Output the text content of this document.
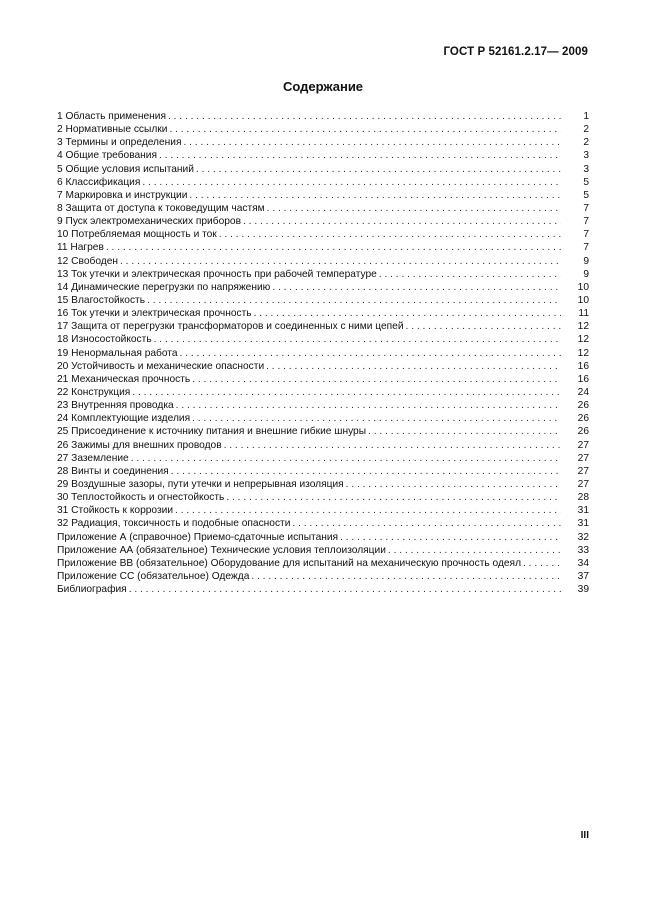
ГОСТ Р 52161.2.17— 2009
Содержание
1 Область применения . . .	1
2 Нормативные ссылки . . .	2
3 Термины и определения . . .	2
4 Общие требования . . .	3
5 Общие условия испытаний . . .	3
6 Классификация . . .	5
7 Маркировка и инструкции . . .	5
8 Защита от доступа к токоведущим частям . . .	7
9 Пуск электромеханических приборов . . .	7
10 Потребляемая мощность и ток . . .	7
11 Нагрев . . .	7
12 Свободен . . .	9
13 Ток утечки и электрическая прочность при рабочей температуре . . .	9
14 Динамические перегрузки по напряжению . . .	10
15 Влагостойкость . . .	10
16 Ток утечки и электрическая прочность . . .	11
17 Защита от перегрузки трансформаторов и соединенных с ними цепей . . .	12
18 Износостойкость . . .	12
19 Ненормальная работа . . .	12
20 Устойчивость и механические опасности . . .	16
21 Механическая прочность . . .	16
22 Конструкция . . .	24
23 Внутренняя проводка . . .	26
24 Комплектующие изделия . . .	26
25 Присоединение к источнику питания и внешние гибкие шнуры . . .	26
26 Зажимы для внешних проводов . . .	27
27 Заземление . . .	27
28 Винты и соединения . . .	27
29 Воздушные зазоры, пути утечки и непрерывная изоляция . . .	27
30 Теплостойкость и огнестойкость . . .	28
31 Стойкость к коррозии . . .	31
32 Радиация, токсичность и подобные опасности . . .	31
Приложение А (справочное) Приемо-сдаточные испытания . . .	32
Приложение АА (обязательное) Технические условия теплоизоляции . . .	33
Приложение ВВ (обязательное) Оборудование для испытаний на механическую прочность одеял . . .	34
Приложение СС (обязательное) Одежда . . .	37
Библиография . . .	39
III
